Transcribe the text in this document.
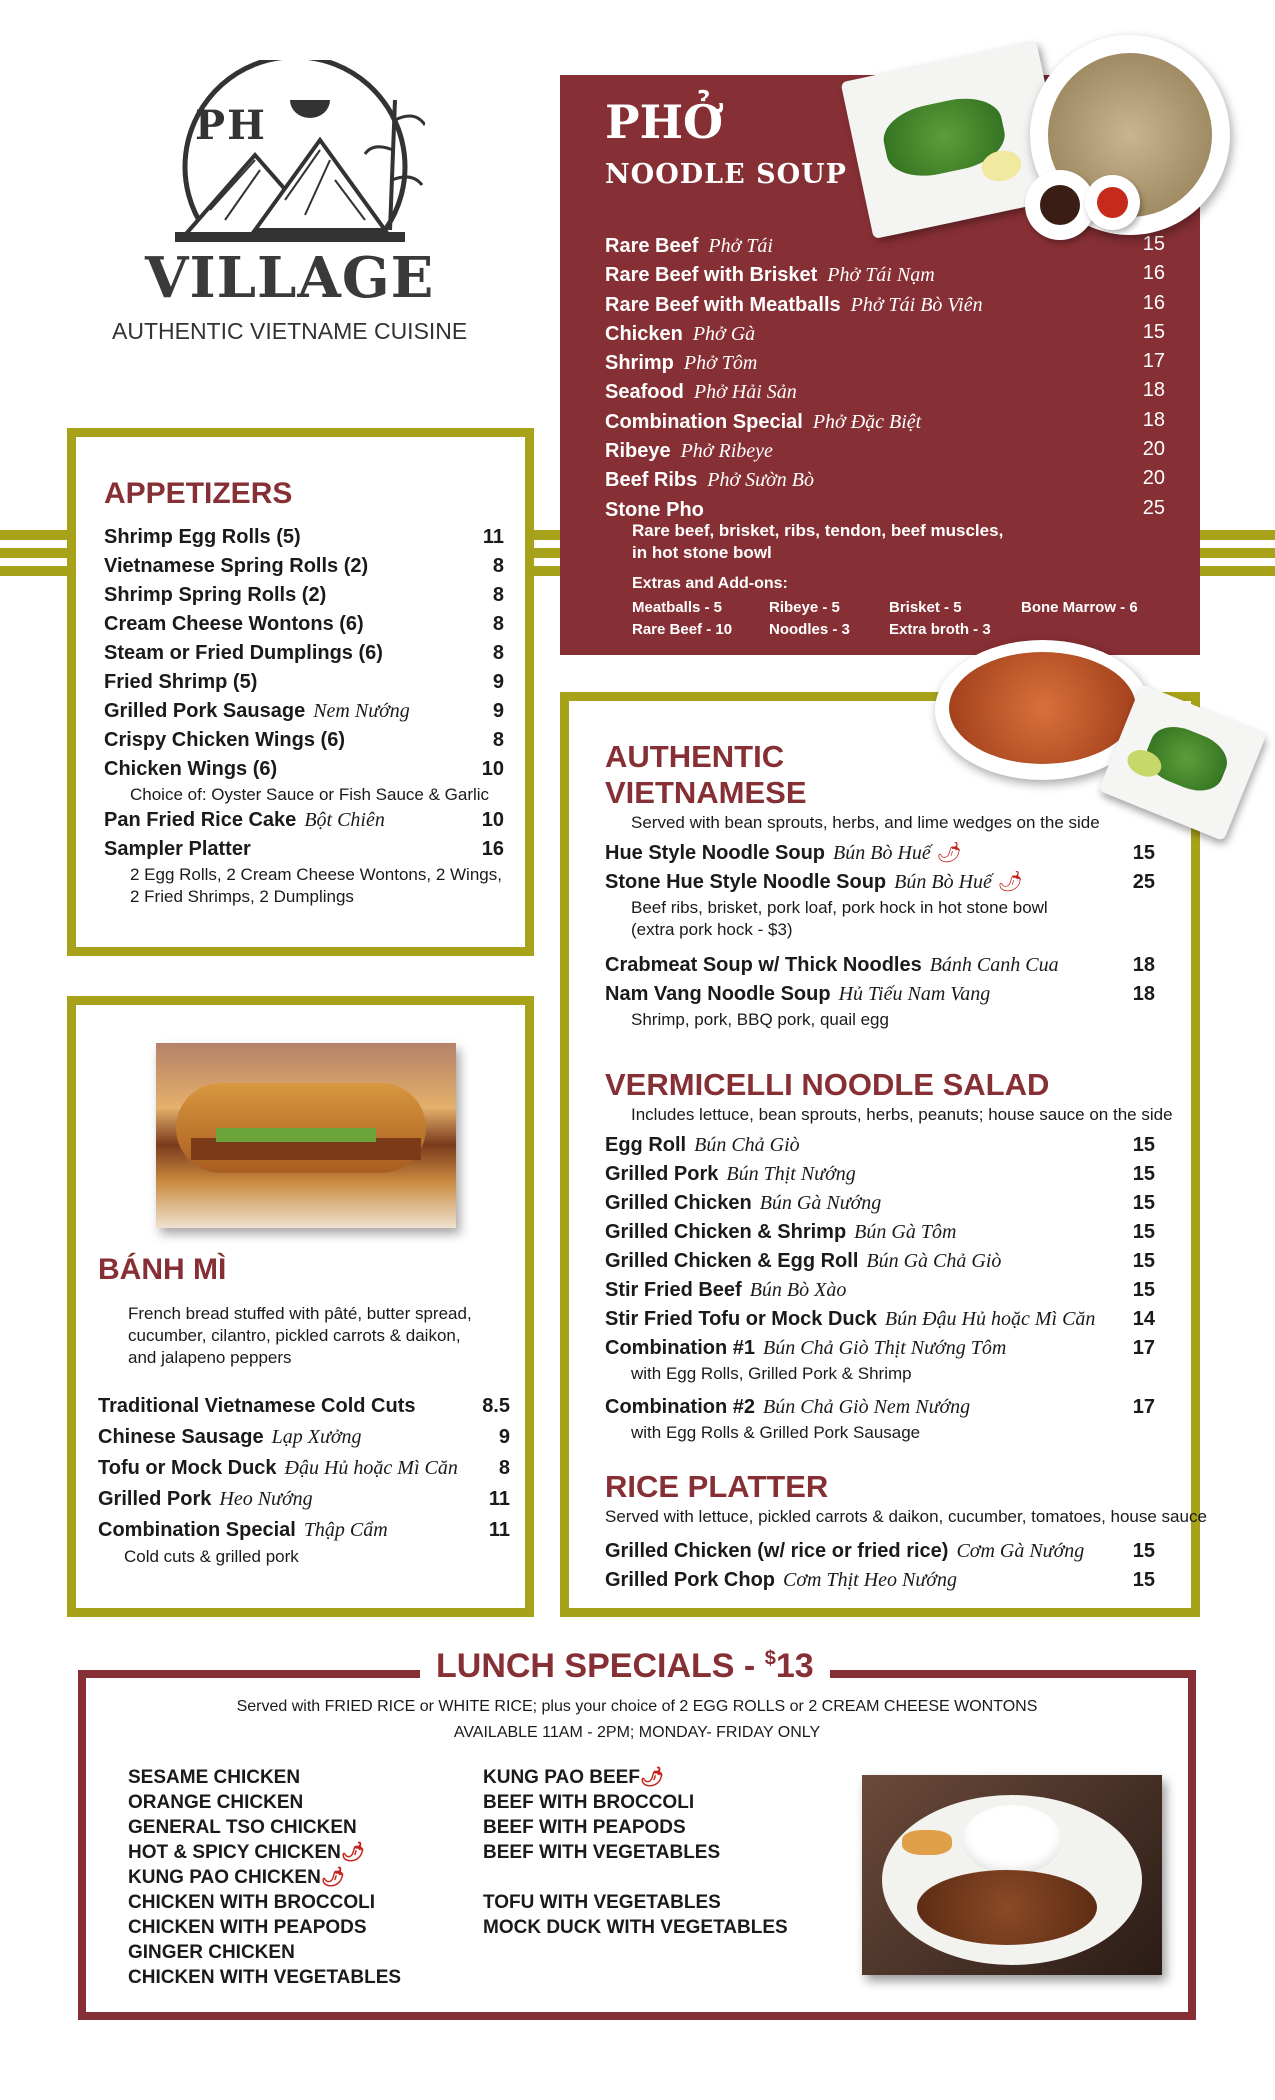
PH
VILLAGE
AUTHENTIC VIETNAME CUISINE
PHỞ
NOODLE SOUP
Rare Beef Phở Tái	15
Rare Beef with Brisket Phở Tái Nạm	16
Rare Beef with Meatballs Phở Tái Bò Viên	16
Chicken Phở Gà	15
Shrimp Phở Tôm	17
Seafood Phở Hải Sản	18
Combination Special Phở Đặc Biệt	18
Ribeye Phở Ribeye	20
Beef Ribs Phở Sườn Bò	20
Stone Pho	25
Rare beef, brisket, ribs, tendon, beef muscles,
in hot stone bowl
Extras and Add-ons:
Meatballs - 5	Ribeye - 5	Brisket - 5	Bone Marrow - 6
Rare Beef - 10	Noodles - 3	Extra broth - 3
APPETIZERS
Shrimp Egg Rolls (5)	11
Vietnamese Spring Rolls (2)	8
Shrimp Spring Rolls (2)	8
Cream Cheese Wontons (6)	8
Steam or Fried Dumplings (6)	8
Fried Shrimp (5)	9
Grilled Pork Sausage Nem Nướng	9
Crispy Chicken Wings (6)	8
Chicken Wings (6)	10
Choice of: Oyster Sauce or Fish Sauce & Garlic
Pan Fried Rice Cake Bột Chiên	10
Sampler Platter	16
2 Egg Rolls, 2 Cream Cheese Wontons, 2 Wings,
2 Fried Shrimps, 2 Dumplings
BÁNH MÌ
French bread stuffed with pâté, butter spread,
cucumber, cilantro, pickled carrots & daikon,
and jalapeno peppers
Traditional Vietnamese Cold Cuts	8.5
Chinese Sausage Lạp Xưởng	9
Tofu or Mock Duck Đậu Hủ hoặc Mì Căn 8
Grilled Pork Heo Nướng	11
Combination Special Thập Cẩm	11
Cold cuts & grilled pork
AUTHENTIC
VIETNAMESE
Served with bean sprouts, herbs, and lime wedges on the side
Hue Style Noodle Soup Bún Bò Huế 🌶	15
Stone Hue Style Noodle Soup Bún Bò Huế 🌶	25
Beef ribs, brisket, pork loaf, pork hock in hot stone bowl
(extra pork hock - $3)
Crabmeat Soup w/ Thick Noodles Bánh Canh Cua	18
Nam Vang Noodle Soup Hủ Tiếu Nam Vang	18
Shrimp, pork, BBQ pork, quail egg
VERMICELLI NOODLE SALAD
Includes lettuce, bean sprouts, herbs, peanuts; house sauce on the side
Egg Roll Bún Chả Giò	15
Grilled Pork Bún Thịt Nướng	15
Grilled Chicken Bún Gà Nướng	15
Grilled Chicken & Shrimp Bún Gà Tôm	15
Grilled Chicken & Egg Roll Bún Gà Chả Giò	15
Stir Fried Beef Bún Bò Xào	15
Stir Fried Tofu or Mock Duck Bún Đậu Hủ hoặc Mì Căn 14
Combination #1 Bún Chả Giò Thịt Nướng Tôm	17
with Egg Rolls, Grilled Pork & Shrimp
Combination #2 Bún Chả Giò Nem Nướng	17
with Egg Rolls & Grilled Pork Sausage
RICE PLATTER
Served with lettuce, pickled carrots & daikon, cucumber, tomatoes, house sauce
Grilled Chicken (w/ rice or fried rice) Cơm Gà Nướng 15
Grilled Pork Chop Cơm Thịt Heo Nướng	15
LUNCH SPECIALS - $13
Served with FRIED RICE or WHITE RICE; plus your choice of 2 EGG ROLLS or 2 CREAM CHEESE WONTONS
AVAILABLE 11AM - 2PM; MONDAY- FRIDAY ONLY
SESAME CHICKEN
ORANGE CHICKEN
GENERAL TSO CHICKEN
HOT & SPICY CHICKEN🌶
KUNG PAO CHICKEN🌶
CHICKEN WITH BROCCOLI
CHICKEN WITH PEAPODS
GINGER CHICKEN
CHICKEN WITH VEGETABLES
KUNG PAO BEEF🌶
BEEF WITH BROCCOLI
BEEF WITH PEAPODS
BEEF WITH VEGETABLES
TOFU WITH VEGETABLES
MOCK DUCK WITH VEGETABLES
